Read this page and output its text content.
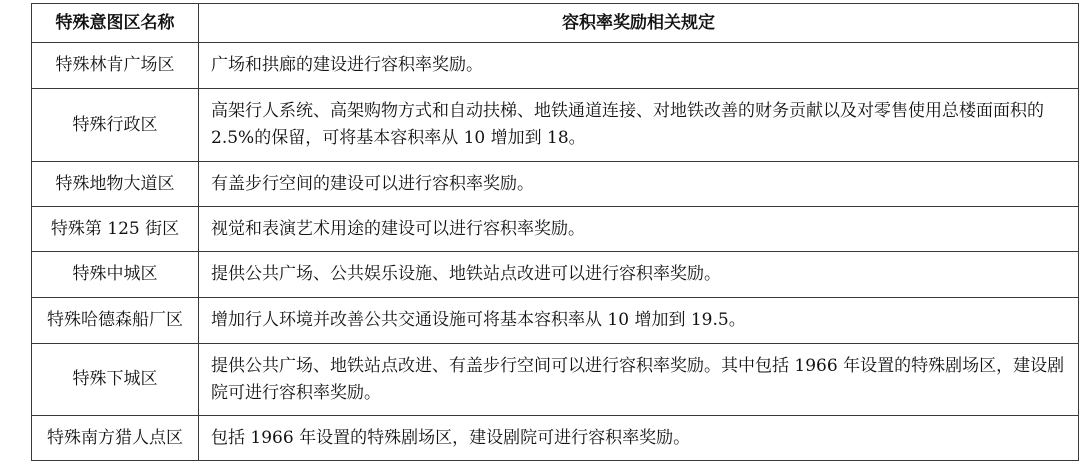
特殊意图区名称	容积率奖励相关规定
特殊林肯广场区	广场和拱廊的建设进行容积率奖励。
特殊行政区	高架行人系统、高架购物方式和自动扶梯、地铁通道连接、对地铁改善的财务贡献以及对零售使用总楼面面积的 2.5%的保留，可将基本容积率从 10 增加到 18。
特殊地物大道区	有盖步行空间的建设可以进行容积率奖励。
特殊第 125 街区	视觉和表演艺术用途的建设可以进行容积率奖励。
特殊中城区	提供公共广场、公共娱乐设施、地铁站点改进可以进行容积率奖励。
特殊哈德森船厂区	增加行人环境并改善公共交通设施可将基本容积率从 10 增加到 19.5。
特殊下城区	提供公共广场、地铁站点改进、有盖步行空间可以进行容积率奖励。其中包括 1966 年设置的特殊剧场区，建设剧院可进行容积率奖励。
特殊南方猎人点区	包括 1966 年设置的特殊剧场区，建设剧院可进行容积率奖励。
